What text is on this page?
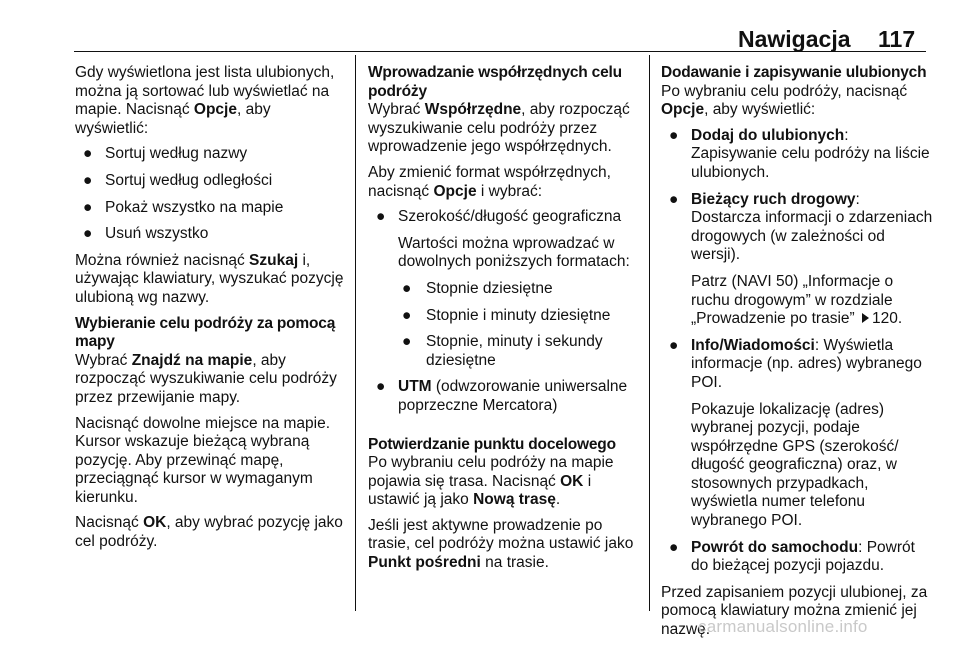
Nawigacja 117

Gdy wyświetlona jest lista ulubionych, można ją sortować lub wyświetlać na mapie. Nacisnąć Opcje, aby wyświetlić:

● Sortuj według nazwy
● Sortuj według odległości
● Pokaż wszystko na mapie
● Usuń wszystko

Można również nacisnąć Szukaj i, używając klawiatury, wyszukać pozycję ulubioną wg nazwy.

Wybieranie celu podróży za pomocą mapy

Wybrać Znajdź na mapie, aby rozpocząć wyszukiwanie celu podróży przez przewijanie mapy.

Nacisnąć dowolne miejsce na mapie. Kursor wskazuje bieżącą wybraną pozycję. Aby przewinąć mapę, przeciągnąć kursor w wymaganym kierunku.

Nacisnąć OK, aby wybrać pozycję jako cel podróży.

Wprowadzanie współrzędnych celu podróży

Wybrać Współrzędne, aby rozpocząć wyszukiwanie celu podróży przez wprowadzenie jego współrzędnych.

Aby zmienić format współrzędnych, nacisnąć Opcje i wybrać:

● Szerokość/długość geograficzna
Wartości można wprowadzać w dowolnych poniższych formatach:
● Stopnie dziesiętne
● Stopnie i minuty dziesiętne
● Stopnie, minuty i sekundy dziesiętne
● UTM (odwzorowanie uniwersalne poprzeczne Mercatora)
Potwierdzanie punktu docelowego

Po wybraniu celu podróży na mapie pojawia się trasa. Nacisnąć OK i ustawić ją jako Nową trasę.

Jeśli jest aktywne prowadzenie po trasie, cel podróży można ustawić jako Punkt pośredni na trasie.

Dodawanie i zapisywanie ulubionych

Po wybraniu celu podróży, nacisnąć Opcje, aby wyświetlić:

● Dodaj do ulubionych: Zapisywanie celu podróży na liście ulubionych.
● Bieżący ruch drogowy: Dostarcza informacji o zdarzeniach drogowych (w zależności od wersji).
Patrz (NAVI 50) „Informacje o ruchu drogowym” w rozdziale „Prowadzenie po trasie” 120.
● Info/Wiadomości: Wyświetla informacje (np. adres) wybranego POI.
Pokazuje lokalizację (adres) wybranej pozycji, podaje współrzędne GPS (szerokość/ długość geograficzna) oraz, w stosownych przypadkach, wyświetla numer telefonu wybranego POI.
● Powrót do samochodu: Powrót do bieżącej pozycji pojazdu.

Przed zapisaniem pozycji ulubionej, za pomocą klawiatury można zmienić jej nazwę.

carmanualsonline.info
